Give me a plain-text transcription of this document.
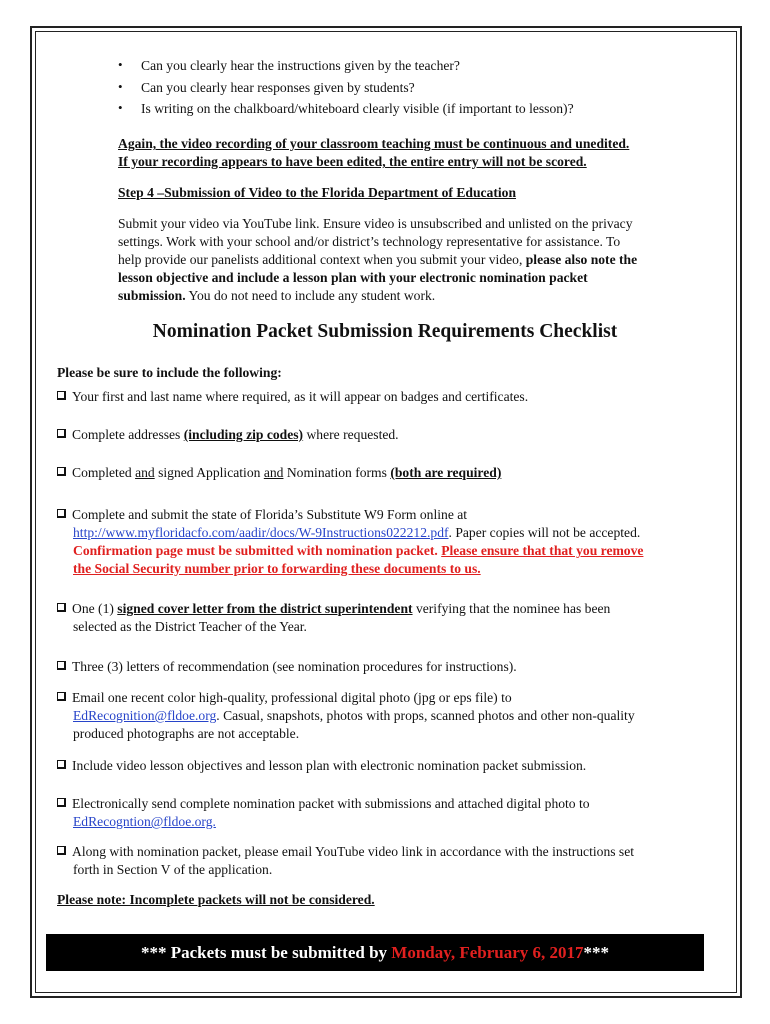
• Can you clearly hear the instructions given by the teacher?
• Can you clearly hear responses given by students?
• Is writing on the chalkboard/whiteboard clearly visible (if important to lesson)?
Again, the video recording of your classroom teaching must be continuous and unedited.
If your recording appears to have been edited, the entire entry will not be scored.
Step 4 –Submission of Video to the Florida Department of Education
Submit your video via YouTube link. Ensure video is unsubscribed and unlisted on the privacy
settings. Work with your school and/or district’s technology representative for assistance. To
help provide our panelists additional context when you submit your video, please also note the
lesson objective and include a lesson plan with your electronic nomination packet
submission. You do not need to include any student work.
Nomination Packet Submission Requirements Checklist
Please be sure to include the following:
Your first and last name where required, as it will appear on badges and certificates.
Complete addresses (including zip codes) where requested.
Completed and signed Application and Nomination forms (both are required)
Complete and submit the state of Florida’s Substitute W9 Form online at
http://www.myfloridacfo.com/aadir/docs/W-9Instructions022212.pdf. Paper copies will not be accepted.
Confirmation page must be submitted with nomination packet. Please ensure that that you remove
the Social Security number prior to forwarding these documents to us.
One (1) signed cover letter from the district superintendent verifying that the nominee has been
selected as the District Teacher of the Year.
Three (3) letters of recommendation (see nomination procedures for instructions).
Email one recent color high-quality, professional digital photo (jpg or eps file) to
EdRecognition@fldoe.org. Casual, snapshots, photos with props, scanned photos and other non-quality
produced photographs are not acceptable.
Include video lesson objectives and lesson plan with electronic nomination packet submission.
Electronically send complete nomination packet with submissions and attached digital photo to
EdRecogntion@fldoe.org.
Along with nomination packet, please email YouTube video link in accordance with the instructions set
forth in Section V of the application.
Please note: Incomplete packets will not be considered.
*** Packets must be submitted by Monday, February 6, 2017***
